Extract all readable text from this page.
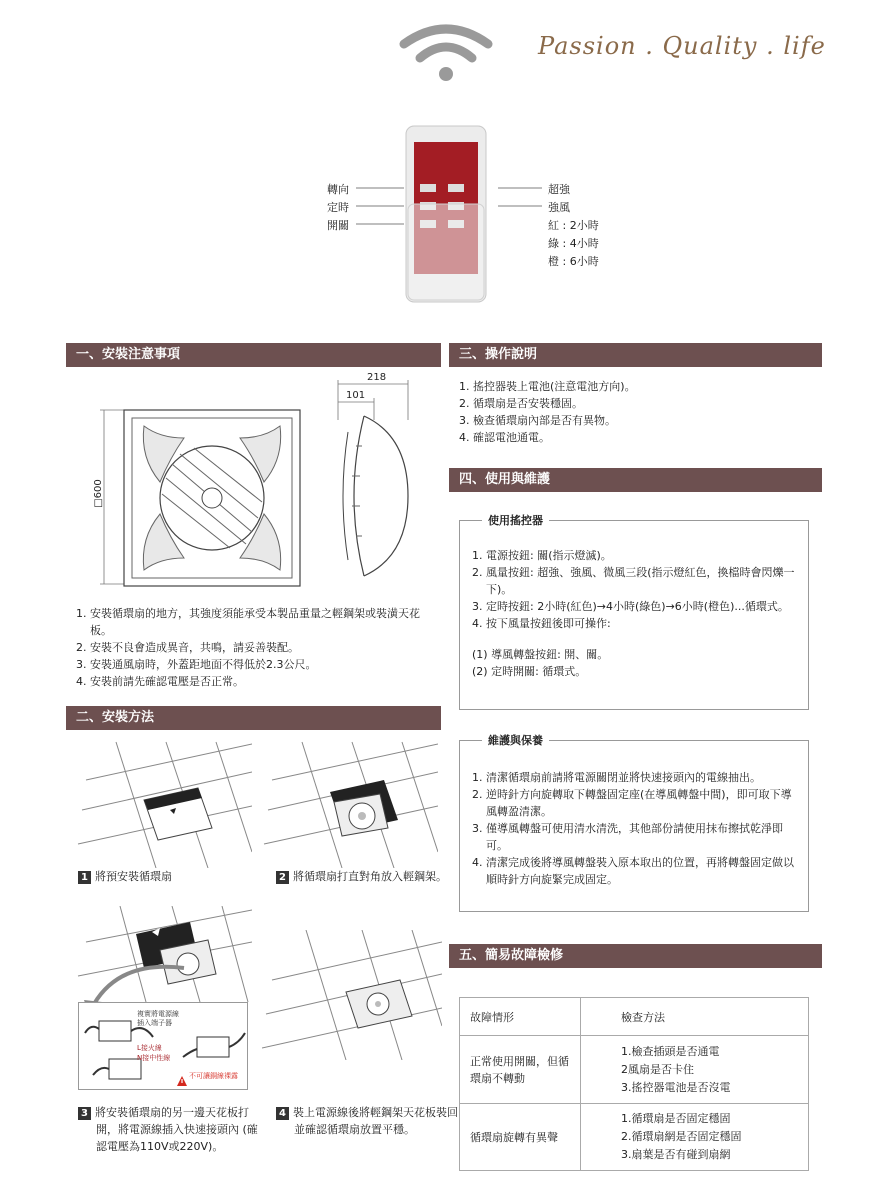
Passion . Quality . life
轉向
定時
開關
超強
強風
紅 : 2小時
綠 : 4小時
橙 : 6小時
一、安裝注意事項
□600
218
101
1. 安裝循環扇的地方，其強度須能承受本製品重量之輕鋼架或裝潢天花板。
2. 安裝不良會造成異音，共鳴，請妥善裝配。
3. 安裝通風扇時，外蓋距地面不得低於2.3公尺。
4. 安裝前請先確認電壓是否正常。
二、安裝方法
1 將預安裝循環扇	2 將循環扇打直對角放入輕鋼架。
複實將電源線
插入端子器
L接火線
N接中性線
不可讓銅線裸露
3 將安裝循環扇的另一邊天花板打開，將電源線插入快速接頭內 (確認電壓為110V或220V)。
4 裝上電源線後將輕鋼架天花板裝回並確認循環扇放置平穩。
三、操作說明
1. 搖控器裝上電池(注意電池方向)。
2. 循環扇是否安裝穩固。
3. 檢查循環扇內部是否有異物。
4. 確認電池通電。
四、使用與維護
使用搖控器
1. 電源按鈕: 關(指示燈滅)。
2. 風量按鈕: 超強、強風、微風三段(指示燈紅色，換檔時會閃爍一下)。
3. 定時按鈕: 2小時(紅色)→4小時(綠色)→6小時(橙色)...循環式。
4. 按下風量按鈕後即可操作:
(1) 導風轉盤按鈕: 開、關。
(2) 定時開關: 循環式。
維護與保養
1. 清潔循環扇前請將電源關閉並將快速接頭內的電線抽出。
2. 逆時針方向旋轉取下轉盤固定座(在導風轉盤中間)，即可取下導風轉盈清潔。
3. 僅導風轉盤可使用清水清洗，其他部份請使用抹布擦拭乾淨即可。
4. 清潔完成後將導風轉盤裝入原本取出的位置，再將轉盤固定做以順時針方向旋緊完成固定。
五、簡易故障檢修
故障情形	檢查方法
正常使用開關，但循環扇不轉動	1.檢查插頭是否通電
2風扇是否卡住
3.搖控器電池是否沒電

循環扇旋轉有異聲	1.循環扇是否固定穩固
2.循環扇網是否固定穩固
3.扇葉是否有碰到扇網
